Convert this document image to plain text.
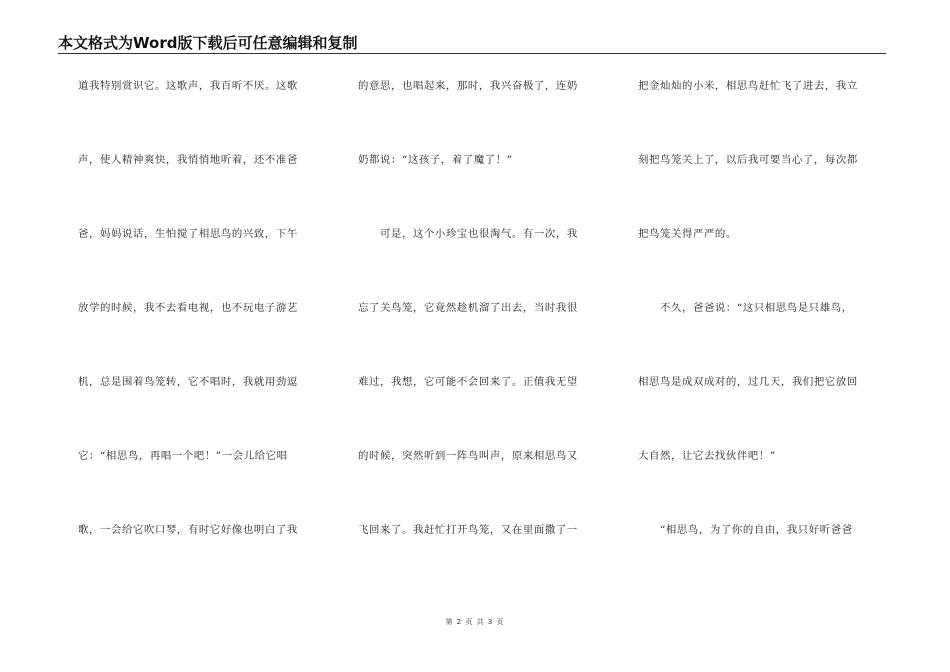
本文格式为Word版下载后可任意编辑和复制
道我特别赏识它。这歌声，我百听不厌。这歌
声，使人精神爽快，我悄悄地听着，还不准爸
爸，妈妈说话，生怕搅了相思鸟的兴致，下午
放学的时候，我不去看电视，也不玩电子游艺
机，总是围着鸟笼转，它不唱时，我就用劲逗
它：“相思鸟，再唱一个吧！”一会儿给它唱
歌，一会给它吹口琴，有时它好像也明白了我
的意思，也唱起来，那时，我兴奋极了，连奶
奶都说：“这孩子，着了魔了！”
　　可是，这个小珍宝也很淘气。有一次，我
忘了关鸟笼，它竟然趁机溜了出去，当时我很
难过，我想，它可能不会回来了。正值我无望
的时候，突然听到一阵鸟叫声，原来相思鸟又
飞回来了。我赶忙打开鸟笼，又在里面撒了一
把金灿灿的小米，相思鸟赶忙飞了进去，我立
刻把鸟笼关上了，以后我可要当心了，每次都
把鸟笼关得严严的。
　　不久，爸爸说：“这只相思鸟是只雄鸟，
相思鸟是成双成对的，过几天，我们把它放回
大自然，让它去找伙伴吧！”
　　“相思鸟，为了你的自由，我只好听爸爸
第 2 页 共 3 页
